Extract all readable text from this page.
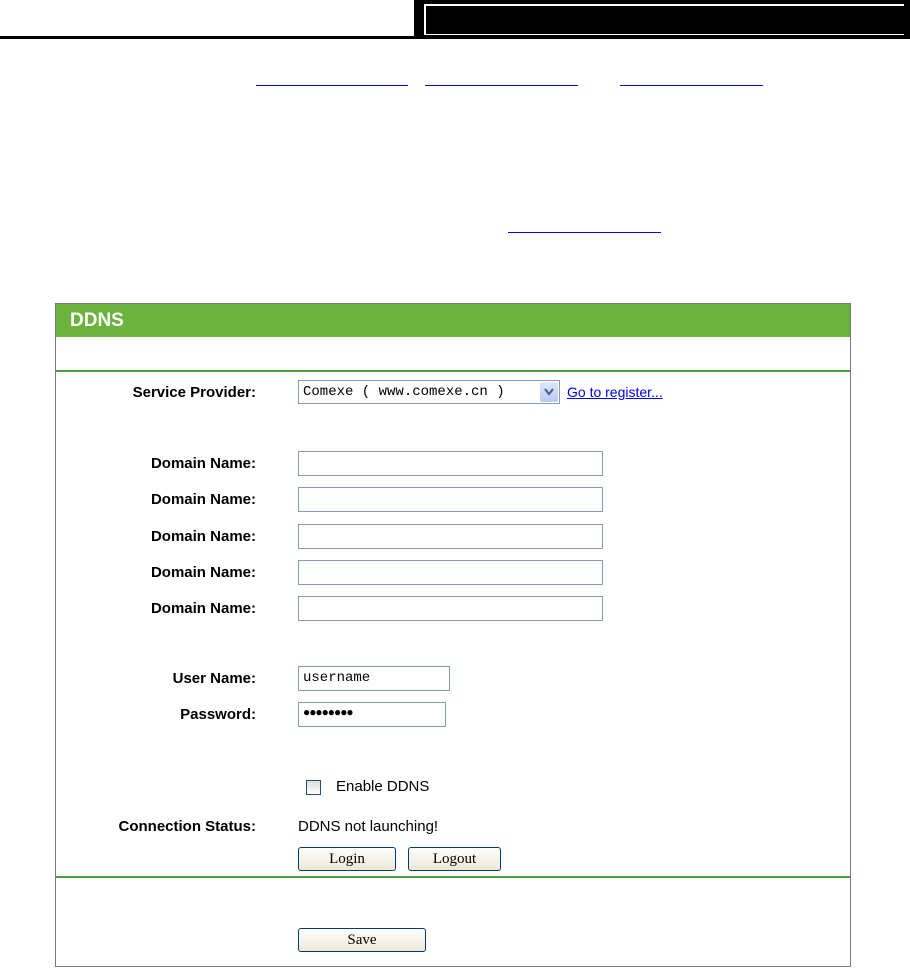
DDNS
Service Provider:	Comexe ( www.comexe.cn )	Go to register...
Domain Name:
Domain Name:
Domain Name:
Domain Name:
Domain Name:
User Name:	username
Password:	●●●●●●●●
Enable DDNS
Connection Status:	DDNS not launching!
Login	Logout
Save
